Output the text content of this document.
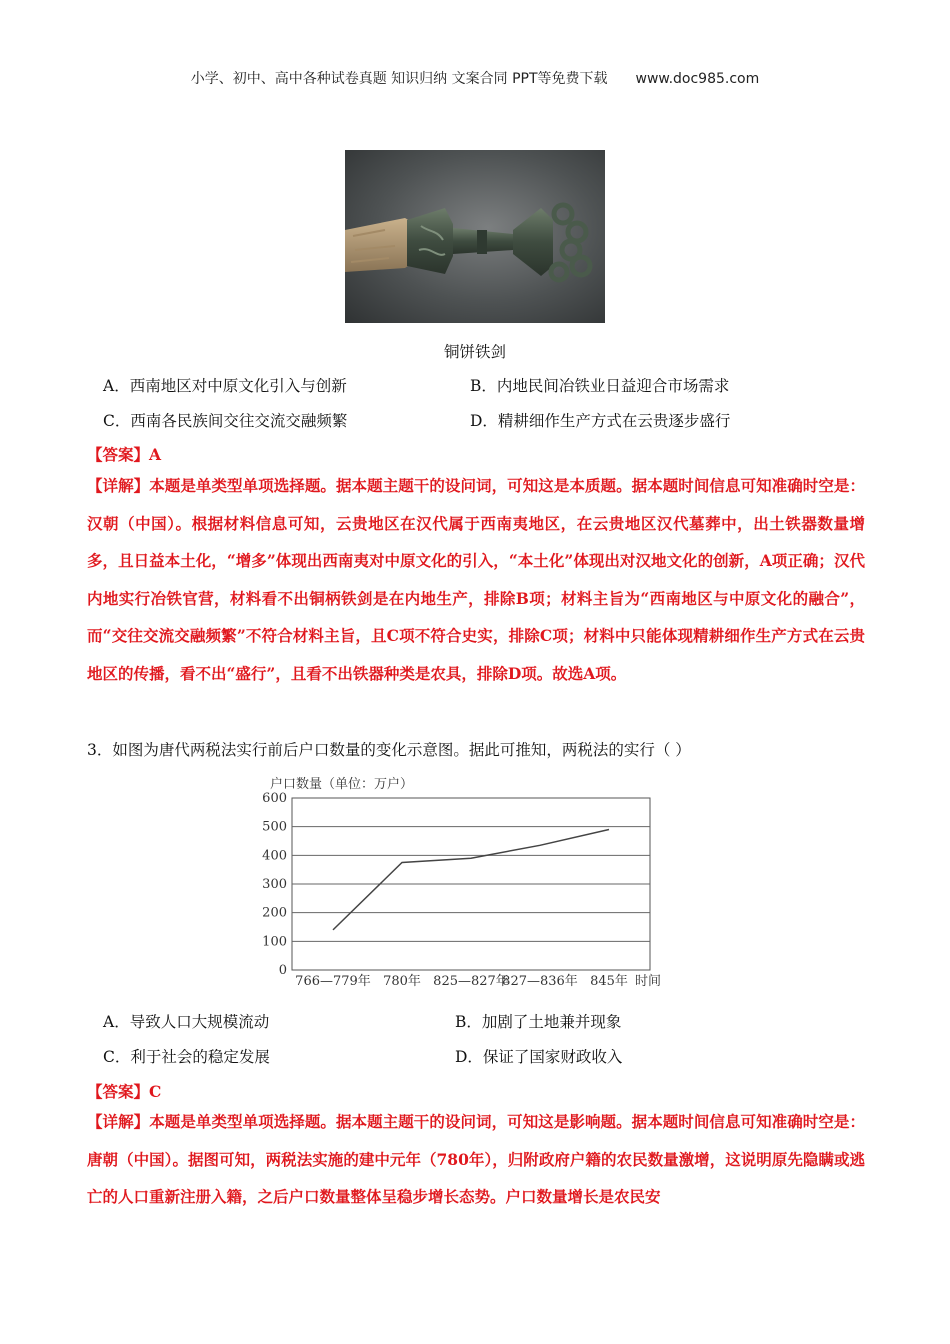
小学、初中、高中各种试卷真题 知识归纳 文案合同 PPT等免费下载 www.doc985.com
铜饼铁剑
A．西南地区对中原文化引入与创新	B．内地民间冶铁业日益迎合市场需求
C．西南各民族间交往交流交融频繁	D．精耕细作生产方式在云贵逐步盛行
【答案】A
【详解】本题是单类型单项选择题。据本题主题干的设问词，可知这是本质题。据本题时间信息可知准确时空是：汉朝（中国）。根据材料信息可知，云贵地区在汉代属于西南夷地区，在云贵地区汉代墓葬中，出土铁器数量增多，且日益本土化，“增多”体现出西南夷对中原文化的引入，“本土化”体现出对汉地文化的创新，A项正确；汉代内地实行冶铁官营，材料看不出铜柄铁剑是在内地生产，排除B项；材料主旨为“西南地区与中原文化的融合”，而“交往交流交融频繁”不符合材料主旨，且C项不符合史实，排除C项；材料中只能体现精耕细作生产方式在云贵地区的传播，看不出“盛行”，且看不出铁器种类是农具，排除D项。故选A项。
3．如图为唐代两税法实行前后户口数量的变化示意图。据此可推知，两税法的实行（ ）
户口数量（单位：万户）
时间
0
100
200
300
400
500
600
766—779年 780年 825—827年
827—836年 845年
A．导致人口大规模流动	B．加剧了土地兼并现象
C．利于社会的稳定发展	D．保证了国家财政收入
【答案】C
【详解】本题是单类型单项选择题。据本题主题干的设问词，可知这是影响题。据本题时间信息可知准确时空是：唐朝（中国）。据图可知，两税法实施的建中元年（780年），归附政府户籍的农民数量激增，这说明原先隐瞒或逃亡的人口重新注册入籍，之后户口数量整体呈稳步增长态势。户口数量增长是农民安
